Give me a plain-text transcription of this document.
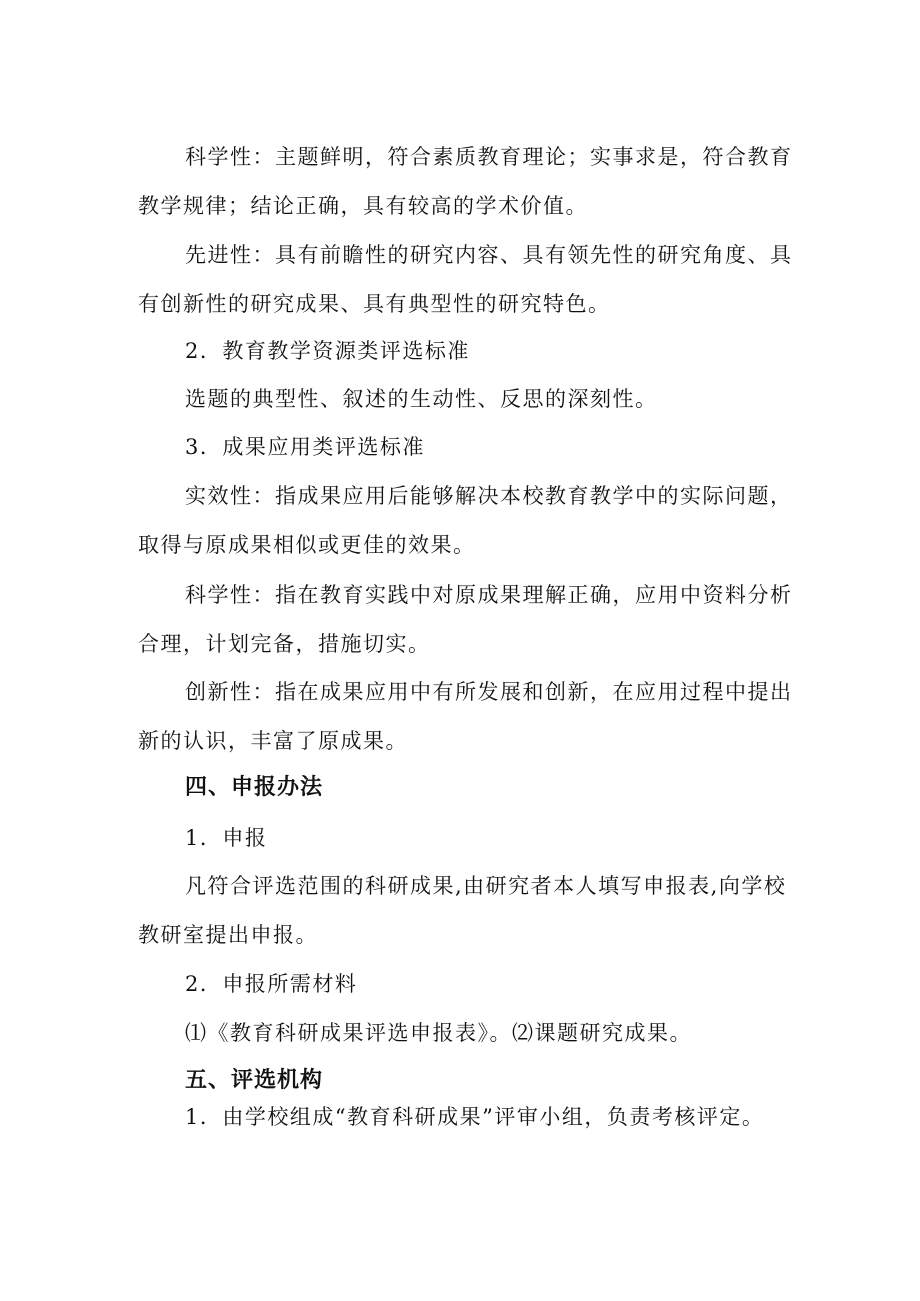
科学性：主题鲜明，符合素质教育理论；实事求是，符合教育教学规律；结论正确，具有较高的学术价值。

先进性：具有前瞻性的研究内容、具有领先性的研究角度、具有创新性的研究成果、具有典型性的研究特色。

2．教育教学资源类评选标准

选题的典型性、叙述的生动性、反思的深刻性。

3．成果应用类评选标准

实效性：指成果应用后能够解决本校教育教学中的实际问题，取得与原成果相似或更佳的效果。

科学性：指在教育实践中对原成果理解正确，应用中资料分析合理，计划完备，措施切实。

创新性：指在成果应用中有所发展和创新，在应用过程中提出新的认识，丰富了原成果。

四、申报办法

1．申报

凡符合评选范围的科研成果,由研究者本人填写申报表,向学校教研室提出申报。

2．申报所需材料

⑴《教育科研成果评选申报表》。⑵课题研究成果。

五、评选机构

1．由学校组成“教育科研成果”评审小组，负责考核评定。
